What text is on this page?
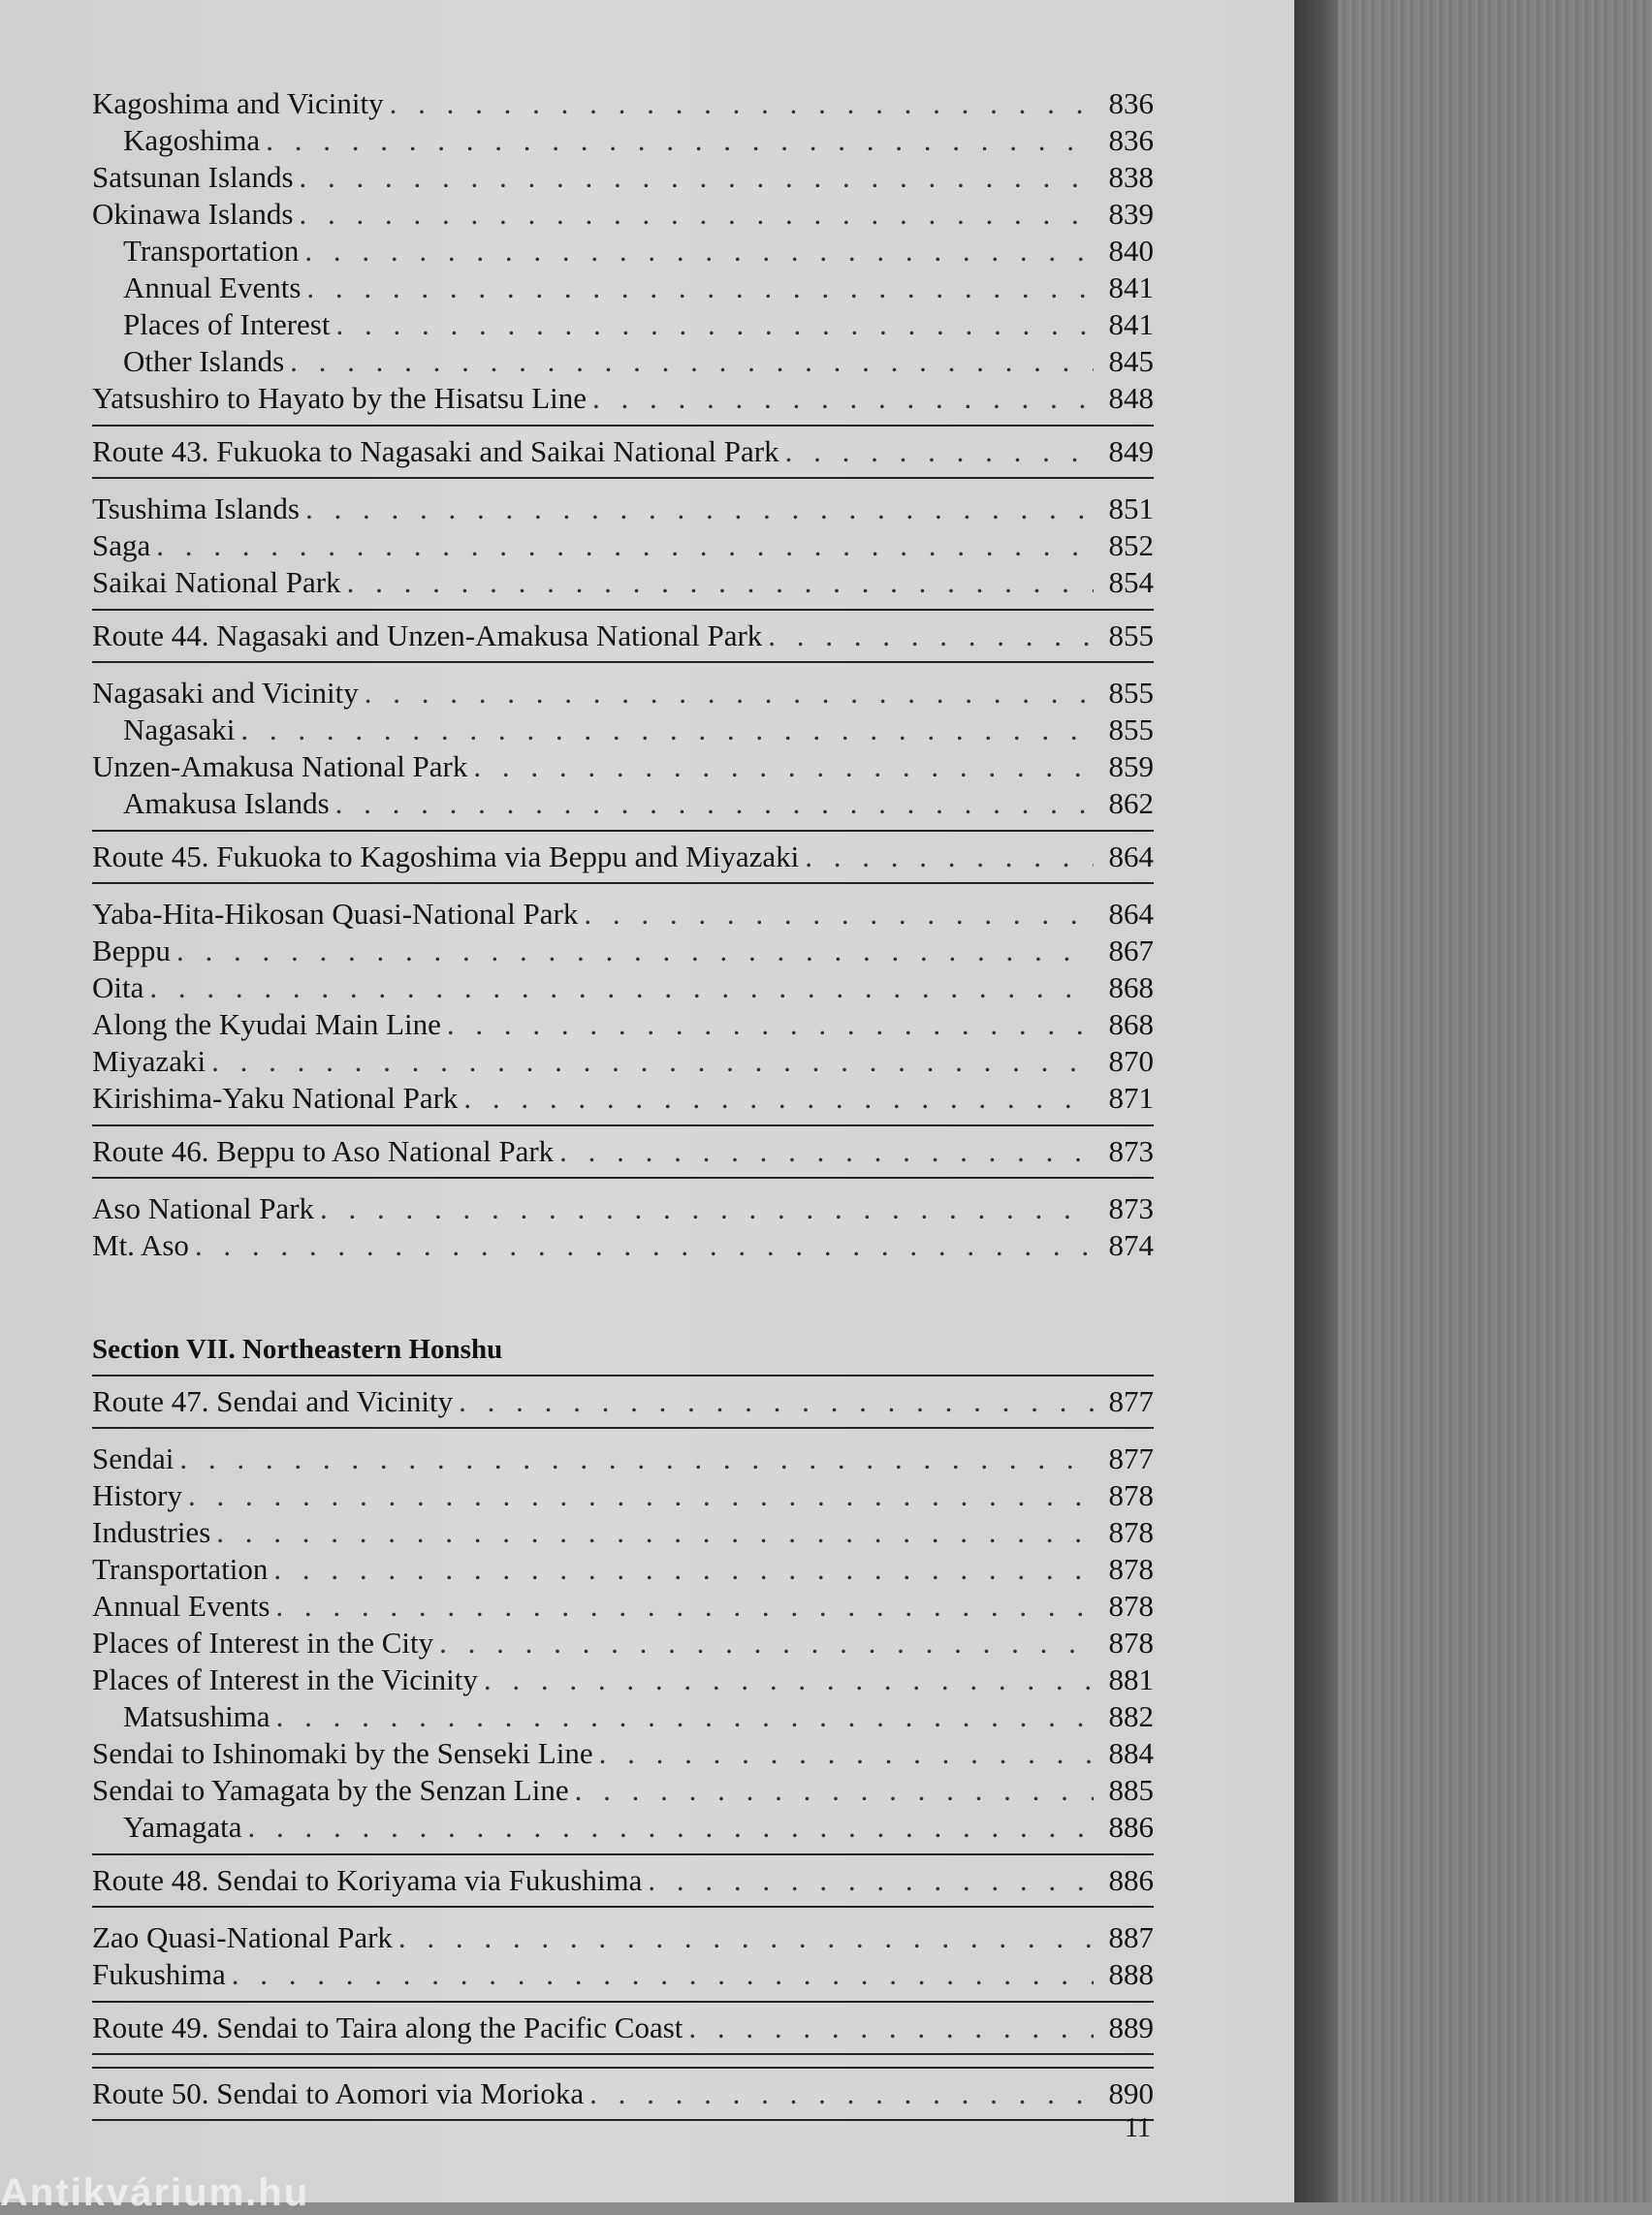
Kagoshima and Vicinity . . .	836
Kagoshima . . .	836
Satsunan Islands . . .	838
Okinawa Islands . . .	839
Transportation . . .	840
Annual Events . . .	841
Places of Interest . . .	841
Other Islands . . .	845
Yatsushiro to Hayato by the Hisatsu Line . . .	848
Route 43. Fukuoka to Nagasaki and Saikai National Park . . .	849
Tsushima Islands . . .	851
Saga . . .	852
Saikai National Park . . .	854
Route 44. Nagasaki and Unzen-Amakusa National Park . . .	855
Nagasaki and Vicinity . . .	855
Nagasaki . . .	855
Unzen-Amakusa National Park . . .	859
Amakusa Islands . . .	862
Route 45. Fukuoka to Kagoshima via Beppu and Miyazaki . . .	864
Yaba-Hita-Hikosan Quasi-National Park . . .	864
Beppu . . .	867
Oita . . .	868
Along the Kyudai Main Line . . .	868
Miyazaki . . .	870
Kirishima-Yaku National Park . . .	871
Route 46. Beppu to Aso National Park . . .	873
Aso National Park . . .	873
Mt. Aso . . .	874
Section VII. Northeastern Honshu
Route 47. Sendai and Vicinity . . .	877
Sendai . . .	877
History . . .	878
Industries . . .	878
Transportation . . .	878
Annual Events . . .	878
Places of Interest in the City . . .	878
Places of Interest in the Vicinity . . .	881
Matsushima . . .	882
Sendai to Ishinomaki by the Senseki Line . . .	884
Sendai to Yamagata by the Senzan Line . . .	885
Yamagata . . .	886
Route 48. Sendai to Koriyama via Fukushima . . .	886
Zao Quasi-National Park . . .	887
Fukushima . . .	888
Route 49. Sendai to Taira along the Pacific Coast . . .	889
Route 50. Sendai to Aomori via Morioka . . .	890
11
Antikvárium.hu
